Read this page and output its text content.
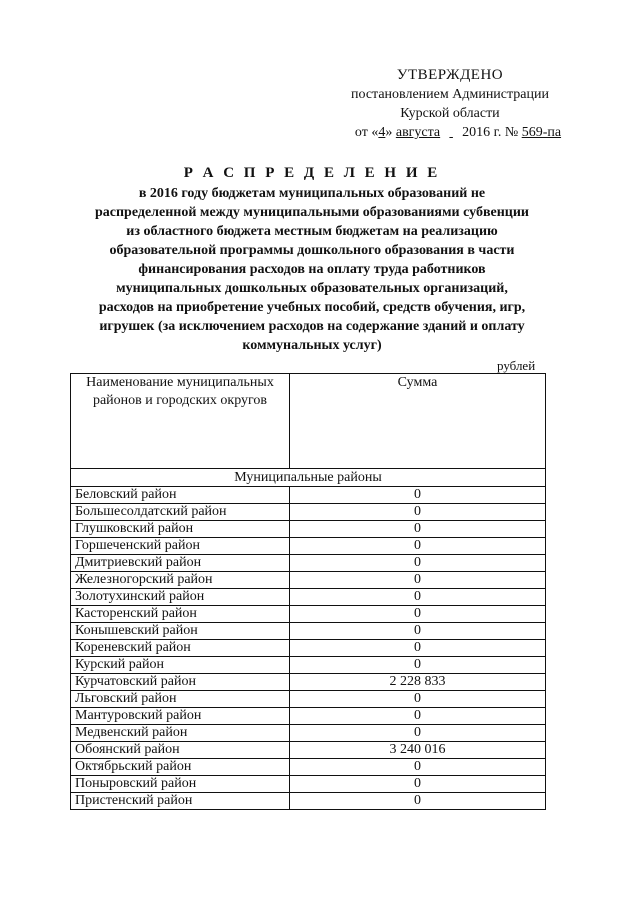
УТВЕРЖДЕНО
постановлением Администрации
Курской области
от «4» августа 2016 г. № 569-па
Р А С П Р Е Д Е Л Е Н И Е
в 2016 году бюджетам муниципальных образований не
распределенной между муниципальными образованиями субвенции
из областного бюджета местным бюджетам на реализацию
образовательной программы дошкольного образования в части
финансирования расходов на оплату труда работников
муниципальных дошкольных образовательных организаций,
расходов на приобретение учебных пособий, средств обучения, игр,
игрушек (за исключением расходов на содержание зданий и оплату
коммунальных услуг)
рублей
Наименование муниципальных районов и городских округов	Сумма
Муниципальные районы	
Беловский район	0
Большесолдатский район	0
Глушковский район	0
Горшеченский район	0
Дмитриевский район	0
Железногорский район	0
Золотухинский район	0
Касторенский район	0
Конышевский район	0
Кореневский район	0
Курский район	0
Курчатовский район	2 228 833
Льговский район	0
Мантуровский район	0
Медвенский район	0
Обоянский район	3 240 016
Октябрьский район	0
Поныровский район	0
Пристенский район	0
